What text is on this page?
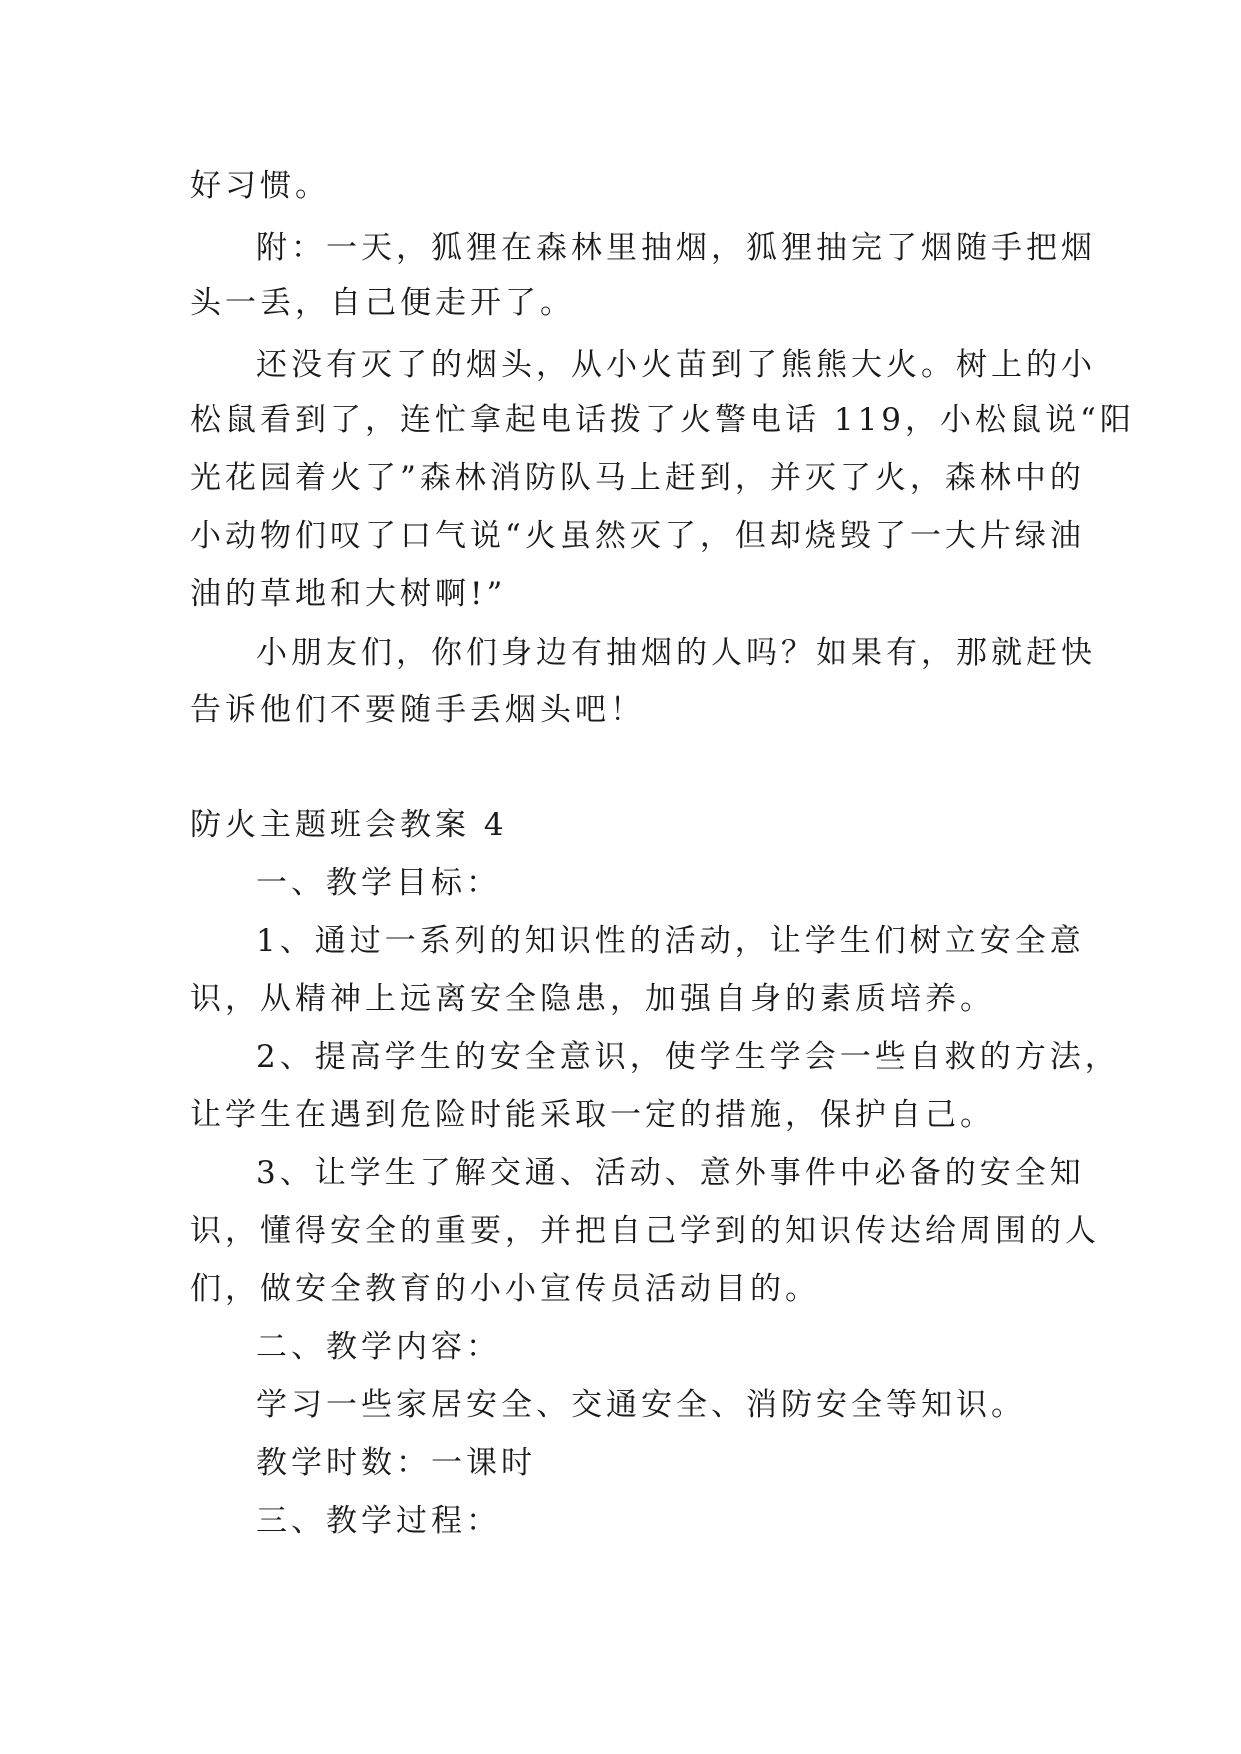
好习惯。
附：一天，狐狸在森林里抽烟，狐狸抽完了烟随手把烟
头一丢，自己便走开了。
还没有灭了的烟头，从小火苗到了熊熊大火。树上的小
松鼠看到了，连忙拿起电话拨了火警电话 119，小松鼠说“阳
光花园着火了”森林消防队马上赶到，并灭了火，森林中的
小动物们叹了口气说“火虽然灭了，但却烧毁了一大片绿油
油的草地和大树啊!”
小朋友们，你们身边有抽烟的人吗？如果有，那就赶快
告诉他们不要随手丢烟头吧！
防火主题班会教案 4
一、教学目标：
1、通过一系列的知识性的活动，让学生们树立安全意
识，从精神上远离安全隐患，加强自身的素质培养。
2、提高学生的安全意识，使学生学会一些自救的方法，
让学生在遇到危险时能采取一定的措施，保护自己。
3、让学生了解交通、活动、意外事件中必备的安全知
识，懂得安全的重要，并把自己学到的知识传达给周围的人
们，做安全教育的小小宣传员活动目的。
二、教学内容：
学习一些家居安全、交通安全、消防安全等知识。
教学时数：一课时
三、教学过程：
